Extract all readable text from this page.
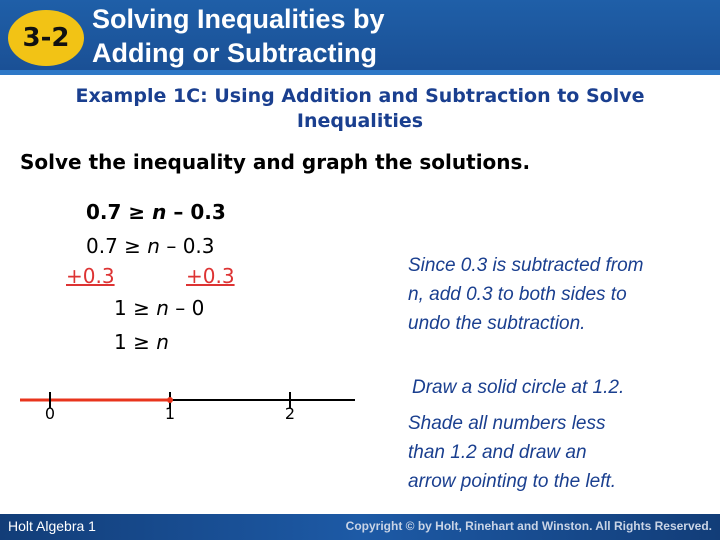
3-2
Solving Inequalities by
Adding or Subtracting
Example 1C: Using Addition and Subtraction to Solve
Inequalities
Solve the inequality and graph the solutions.
0.7 ≥ n – 0.3
0.7 ≥ n – 0.3
+0.3	+0.3
1 ≥ n – 0
1 ≥ n
Since 0.3 is subtracted from
n, add 0.3 to both sides to
undo the subtraction.
Draw a solid circle at 1.2.
Shade all numbers less
than 1.2 and draw an
arrow pointing to the left.
0	1	2
Holt Algebra 1	Copyright © by Holt, Rinehart and Winston. All Rights Reserved.
